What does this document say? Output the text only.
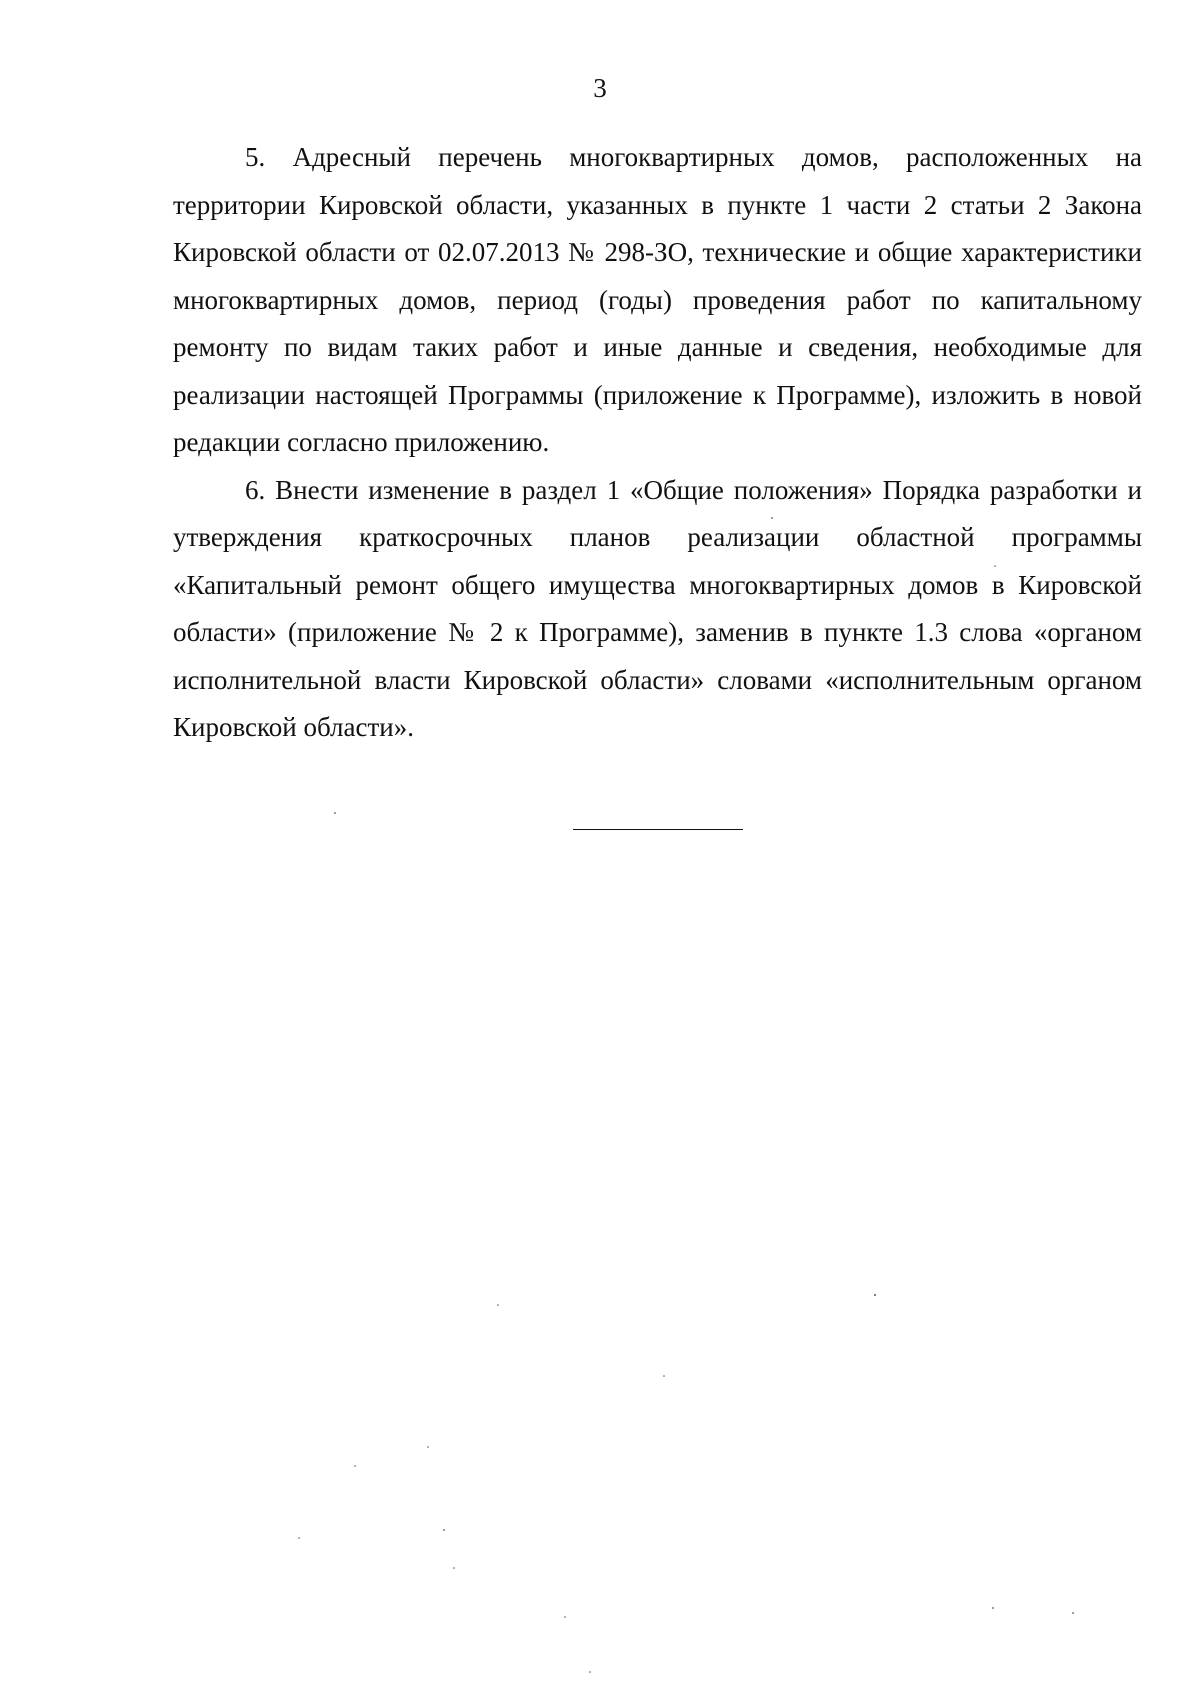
3

5. Адресный перечень многоквартирных домов, расположенных на территории Кировской области, указанных в пункте 1 части 2 статьи 2 Закона Кировской области от 02.07.2013 № 298-ЗО, технические и общие характеристики многоквартирных домов, период (годы) проведения работ по капитальному ремонту по видам таких работ и иные данные и сведения, необходимые для реализации настоящей Программы (приложение к Программе), изложить в новой редакции согласно приложению.

6. Внести изменение в раздел 1 «Общие положения» Порядка разработки и утверждения краткосрочных планов реализации областной программы «Капитальный ремонт общего имущества многоквартирных домов в Кировской области» (приложение № 2 к Программе), заменив в пункте 1.3 слова «органом исполнительной власти Кировской области» словами «исполнительным органом Кировской области».
